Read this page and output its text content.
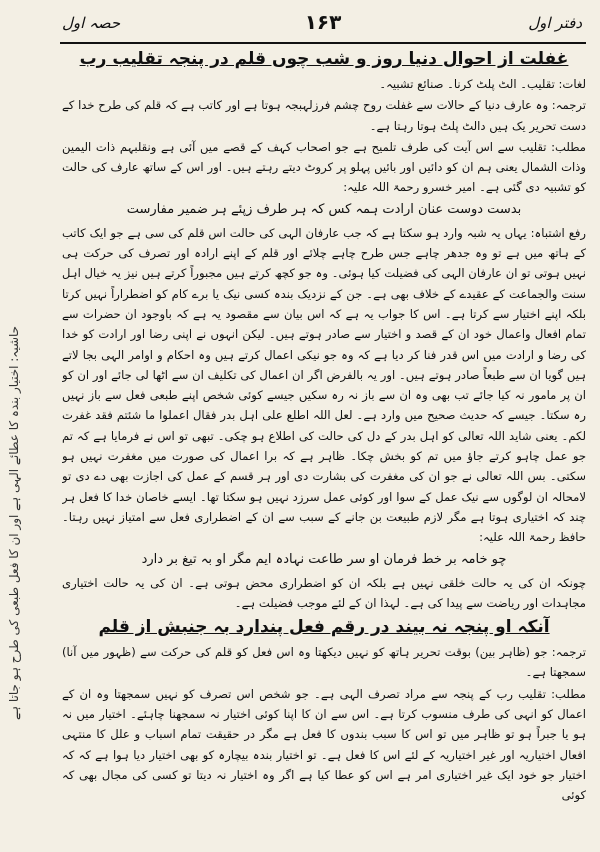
حصہ اول	۱۶۳	دفتر اول
حاشیہ: اختیار بندہ کا عطائے الہی ہے اور ان کا فعل طبعی کی طرح ہو جاتا ہے
غفلت از احوال دنیا روز و شب چوں قلم در پنجہ تقلیب رب
لغات: تقلیب۔ الٹ پلٹ کرنا۔ صنائع تشبیہ۔
ترجمہ: وہ عارف دنیا کے حالات سے غفلت روح چشم فرزلہبجہ ہوتا ہے اور کاتب ہے کہ قلم کی طرح خدا کے دست تحریر یک ہیں دالٹ پلٹ ہوتا رہتا ہے۔
مطلب: تقلیب سے اس آیت کی طرف تلمیح ہے جو اصحاب کہف کے قصے میں آئی ہے ونقلبہم ذات الیمین وذات الشمال یعنی ہم ان کو دائیں اور بائیں پہلو پر کروٹ دیتے رہتے ہیں۔ اور اس کے ساتھ عارف کی حالت کو تشبیہ دی گئی ہے۔ امیر خسرو رحمۃ اللہ علیہ:
بدست دوست عنان ارادت ہمہ کس کہ ہر طرف زپئے ہر ضمیر مفارست
رفع اشتباہ: یہاں یہ شبہ وارد ہو سکتا ہے کہ جب عارفان الہی کی حالت اس قلم کی سی ہے جو ایک کاتب کے ہاتھ میں ہے تو وہ جدھر چاہے جس طرح چاہے چلائے اور قلم کے اپنے ارادہ اور تصرف کی حرکت ہی نہیں ہوتی تو ان عارفان الہی کی فضیلت کیا ہوئی۔ وہ جو کچھ کرتے ہیں مجبوراً کرتے ہیں نیز یہ خیال اہل سنت والجماعت کے عقیدے کے خلاف بھی ہے۔ جن کے نزدیک بندہ کسی نیک یا برے کام کو اضطراراً نہیں کرتا بلکہ اپنے اختیار سے کرتا ہے۔ اس کا جواب یہ ہے کہ اس بیان سے مقصود یہ ہے کہ باوجود ان حضرات سے تمام افعال واعمال خود ان کے قصد و اختیار سے صادر ہوتے ہیں۔ لیکن انہوں نے اپنی رضا اور ارادت کو خدا کی رضا و ارادت میں اس قدر فنا کر دیا ہے کہ وہ جو نیکی اعمال کرتے ہیں وہ احکام و اوامر الہی بجا لاتے ہیں گویا ان سے طبعاً صادر ہوتے ہیں۔ اور یہ بالفرض اگر ان اعمال کی تکلیف ان سے اٹھا لی جائے اور ان کو ان پر مامور نہ کیا جائے تب بھی وہ ان سے باز نہ رہ سکیں جیسے کوئی شخص اپنے طبعی فعل سے باز نہیں رہ سکتا۔ جیسے کہ حدیث صحیح میں وارد ہے۔ لعل اللہ اطلع علی اہل بدر فقال اعملوا ما شئتم فقد غفرت لکم۔ یعنی شاید اللہ تعالی کو اہل بدر کے دل کی حالت کی اطلاع ہو چکی۔ تبھی تو اس نے فرمایا ہے کہ تم جو عمل چاہو کرتے جاؤ میں تم کو بخش چکا۔ ظاہر ہے کہ برا اعمال کی صورت میں مغفرت نہیں ہو سکتی۔ بس اللہ تعالی نے جو ان کی مغفرت کی بشارت دی اور ہر قسم کے عمل کی اجازت بھی دے دی تو لامحالہ ان لوگوں سے نیک عمل کے سوا اور کوئی عمل سرزد نہیں ہو سکتا تھا۔ ایسے خاصان خدا کا فعل ہر چند کہ اختیاری ہوتا ہے مگر لازم طبیعت بن جانے کے سبب سے ان کے اضطراری فعل سے امتیاز نہیں رہتا۔ حافظ رحمۃ اللہ علیہ:
چو خامہ بر خط فرمان او سر طاعت نہادہ ایم مگر او بہ تیغ بر دارد
چونکہ ان کی یہ حالت خلقی نہیں ہے بلکہ ان کو اضطراری محض ہوتی ہے۔ ان کی یہ حالت اختیاری مجاہدات اور ریاضت سے پیدا کی ہے۔ لہذا ان کے لئے موجب فضیلت ہے۔
آنکہ او پنجہ نہ بیند در رقم فعل پندارد بہ جنبش از قلم
ترجمہ: جو (ظاہر بین) بوقت تحریر ہاتھ کو نہیں دیکھتا وہ اس فعل کو قلم کی حرکت سے (ظہور میں آنا) سمجھتا ہے۔
مطلب: تقلیب رب کے پنجہ سے مراد تصرف الہی ہے۔ جو شخص اس تصرف کو نہیں سمجھتا وہ ان کے اعمال کو انہی کی طرف منسوب کرتا ہے۔ اس سے ان کا اپنا کوئی اختیار نہ سمجھنا چاہئے۔ اختیار میں نہ ہو یا جبراً ہو تو ظاہر میں تو اس کا سبب بندوں کا فعل ہے مگر در حقیقت تمام اسباب و علل کا منتہی افعال اختیاریہ اور غیر اختیاریہ کے لئے اس کا فعل ہے۔ تو اختیار بندہ بیچارہ کو بھی اختیار دیا ہوا ہے کہ کہ اختیار جو خود ایک غیر اختیاری امر ہے اس کو عطا کیا ہے اگر وہ اختیار نہ دیتا تو کسی کی مجال بھی کہ کوئی
